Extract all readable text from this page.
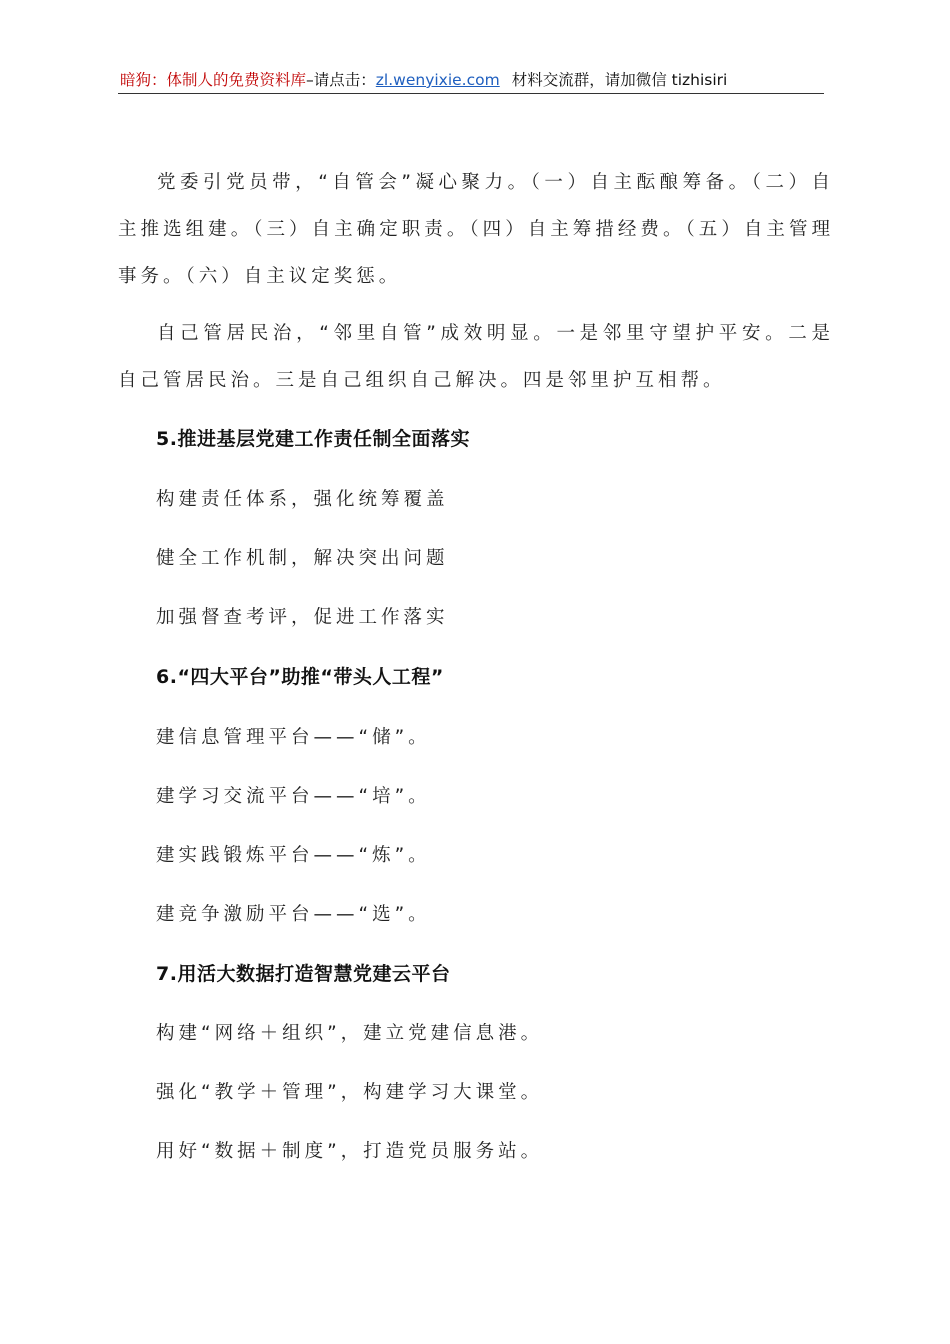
暗狗：体制人的免费资料库–请点击：zl.wenyixie.com 材料交流群，请加微信 tizhisiri
党委引党员带，“自管会”凝心聚力。（一）自主酝酿筹备。（二）自主推选组建。（三）自主确定职责。（四）自主筹措经费。（五）自主管理事务。（六）自主议定奖惩。
自己管居民治，“邻里自管”成效明显。一是邻里守望护平安。二是自己管居民治。三是自己组织自己解决。四是邻里护互相帮。
5.推进基层党建工作责任制全面落实
构建责任体系，强化统筹覆盖
健全工作机制，解决突出问题
加强督查考评，促进工作落实
6.“四大平台”助推“带头人工程”
建信息管理平台——“储”。
建学习交流平台——“培”。
建实践锻炼平台——“炼”。
建竞争激励平台——“选”。
7.用活大数据打造智慧党建云平台
构建“网络＋组织”，建立党建信息港。
强化“教学＋管理”，构建学习大课堂。
用好“数据＋制度”，打造党员服务站。
